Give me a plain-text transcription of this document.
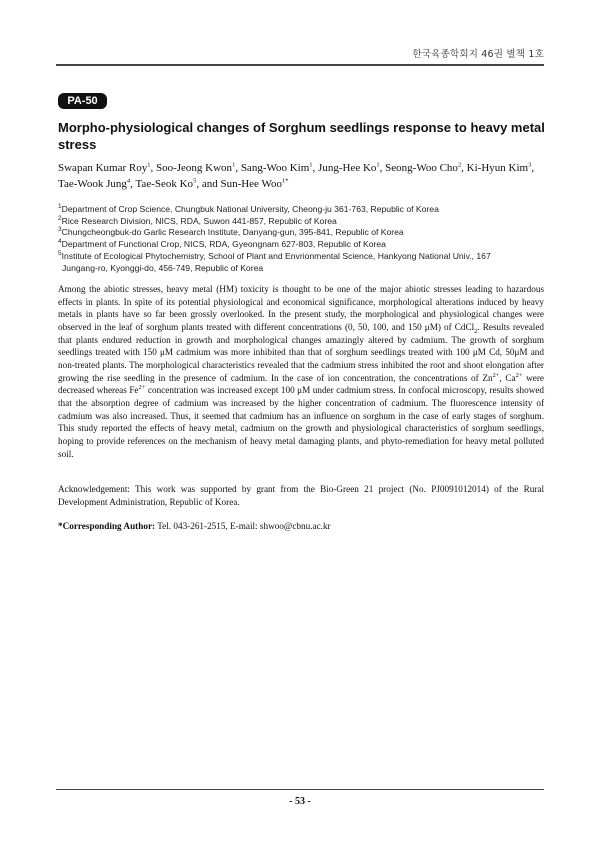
한국육종학회지 46권 별책 1호
PA-50
Morpho-physiological changes of Sorghum seedlings response to heavy metal stress
Swapan Kumar Roy$^1$, Soo-Jeong Kwon$^1$, Sang-Woo Kim$^1$, Jung-Hee Ko$^1$, Seong-Woo Cho$^2$, Ki-Hyun Kim$^3$,
Tae-Wook Jung$^4$, Tae-Seok Ko$^5$, and Sun-Hee Woo$^{1*}$
$^1$Department of Crop Science, Chungbuk National University, Cheong-ju 361-763, Republic of Korea
$^2$Rice Research Division, NICS, RDA, Suwon 441-857, Republic of Korea
$^3$Chungcheongbuk-do Garlic Research Institute, Danyang-gun, 395-841, Republic of Korea
$^4$Department of Functional Crop, NICS, RDA, Gyeongnam 627-803, Republic of Korea
$^5$Institute of Ecological Phytochemistry, School of Plant and Envrionmental Science, Hankyong National Univ., 167
Jungang-ro, Kyonggi-do, 456-749, Republic of Korea
Among the abiotic stresses, heavy metal (HM) toxicity is thought to be one of the major abiotic stresses leading to hazardous effects in plants. In spite of its potential physiological and economical significance, morphological alterations induced by heavy metals in plants have so far been grossly overlooked. In the present study, the morphological and physiological changes were observed in the leaf of sorghum plants treated with different concentrations (0, 50, 100, and 150 μM) of CdCl$_2$. Results revealed that plants endured reduction in growth and morphological changes amazingly altered by cadmium. The growth of sorghum seedlings treated with 150 μM cadmium was more inhibited than that of sorghum seedlings treated with 100 μM Cd, 50μM and non-treated plants. The morphological characteristics revealed that the cadmium stress inhibited the root and shoot elongation after growing the rise seedling in the presence of cadmium. In the case of ion concentration, the concentrations of $Zn^{2+}$, $Ca^{2+}$ were decreased whereas $Fe^{2+}$ concentration was increased except 100 μM under cadmium stress. In confocal microscopy, results showed that the absorption degree of cadmium was increased by the higher concentration of cadmium. The fluorescence intensity of cadmium was also increased. Thus, it seemed that cadmium has an influence on sorghum in the case of early stages of sorghum. This study reported the effects of heavy metal, cadmium on the growth and physiological characteristics of sorghum seedlings, hoping to provide references on the mechanism of heavy metal damaging plants, and phyto-remediation for heavy metal polluted soil.
Acknowledgement: This work was supported by grant from the Bio-Green 21 project (No. PJ0091012014) of the Rural Development Administration, Republic of Korea.
*Corresponding Author: Tel. 043-261-2515, E-mail: shwoo@cbnu.ac.kr
- 53 -
